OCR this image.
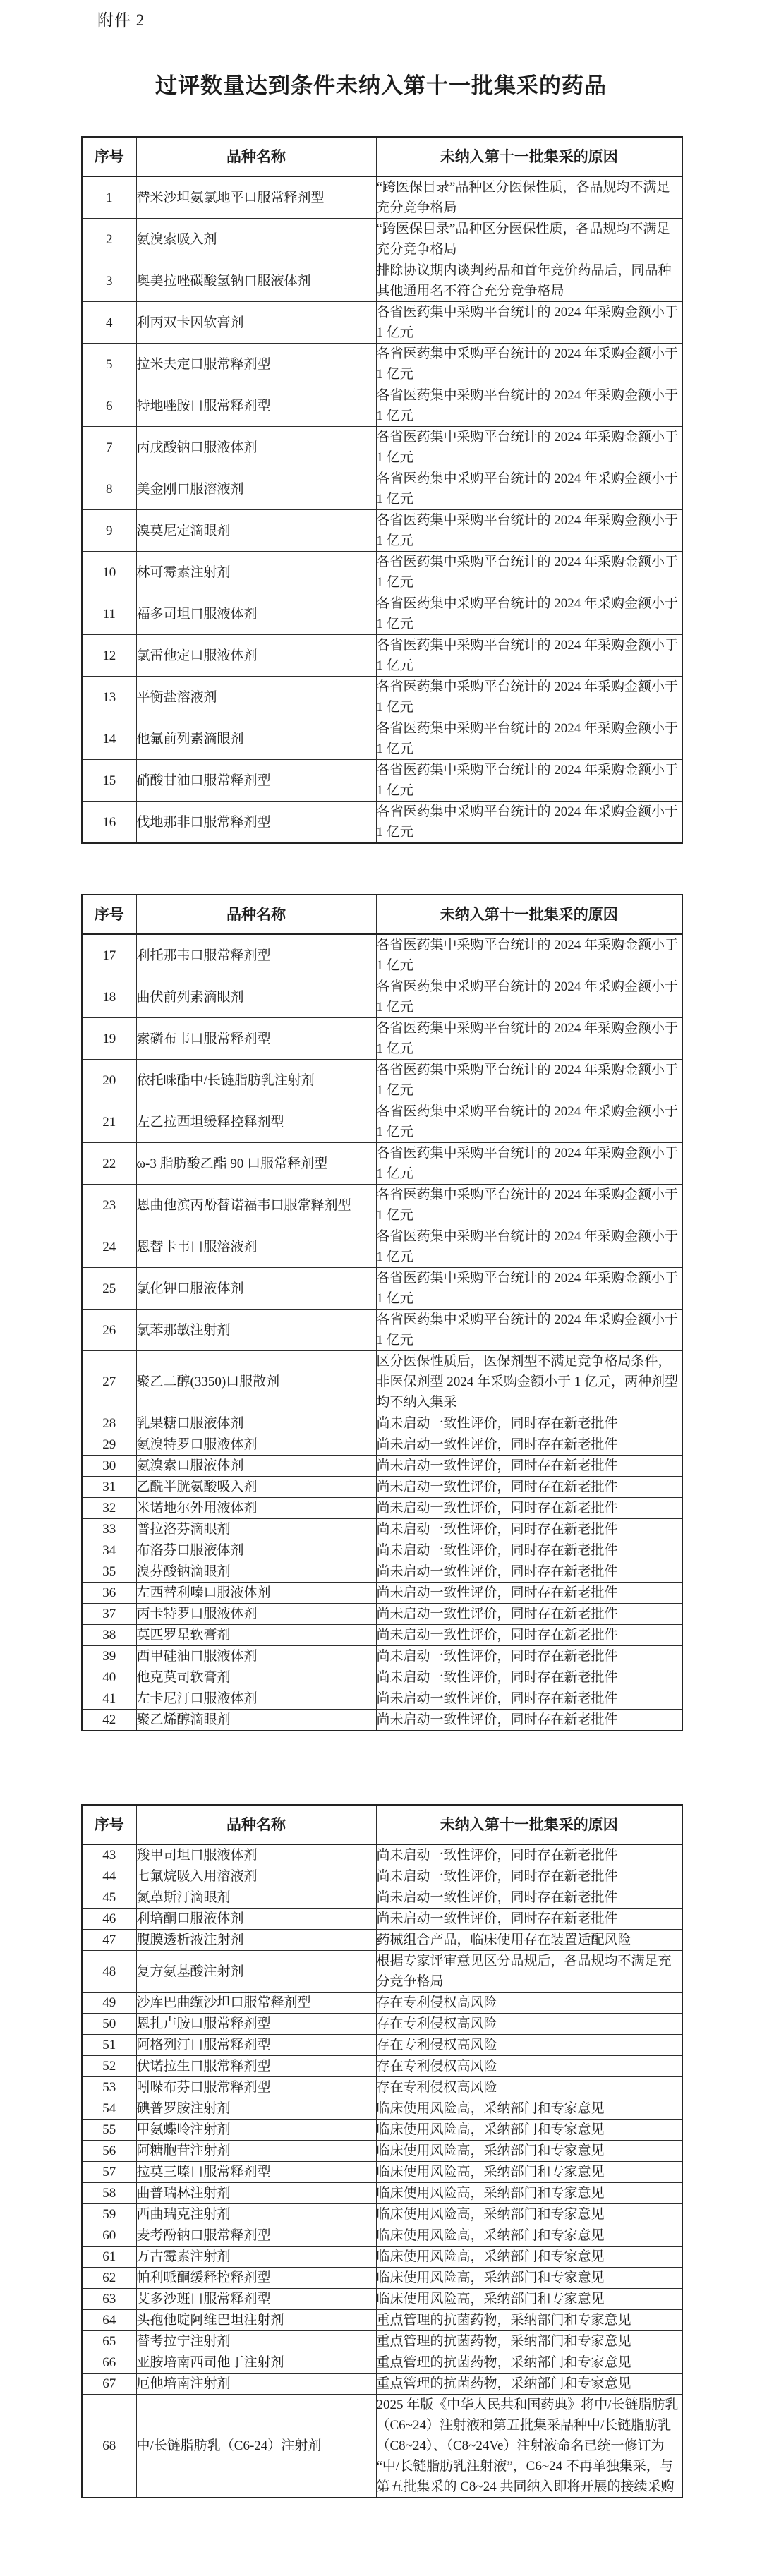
附件 2
过评数量达到条件未纳入第十一批集采的药品
序号	品种名称	未纳入第十一批集采的原因
1	替米沙坦氨氯地平口服常释剂型	“跨医保目录”品种区分医保性质，各品规均不满足充分竞争格局
2	氨溴索吸入剂	“跨医保目录”品种区分医保性质，各品规均不满足充分竞争格局
3	奥美拉唑碳酸氢钠口服液体剂	排除协议期内谈判药品和首年竞价药品后，同品种其他通用名不符合充分竞争格局
4	利丙双卡因软膏剂	各省医药集中采购平台统计的 2024 年采购金额小于 1 亿元
5	拉米夫定口服常释剂型	各省医药集中采购平台统计的 2024 年采购金额小于 1 亿元
6	特地唑胺口服常释剂型	各省医药集中采购平台统计的 2024 年采购金额小于 1 亿元
7	丙戊酸钠口服液体剂	各省医药集中采购平台统计的 2024 年采购金额小于 1 亿元
8	美金刚口服溶液剂	各省医药集中采购平台统计的 2024 年采购金额小于 1 亿元
9	溴莫尼定滴眼剂	各省医药集中采购平台统计的 2024 年采购金额小于 1 亿元
10	林可霉素注射剂	各省医药集中采购平台统计的 2024 年采购金额小于 1 亿元
11	福多司坦口服液体剂	各省医药集中采购平台统计的 2024 年采购金额小于 1 亿元
12	氯雷他定口服液体剂	各省医药集中采购平台统计的 2024 年采购金额小于 1 亿元
13	平衡盐溶液剂	各省医药集中采购平台统计的 2024 年采购金额小于 1 亿元
14	他氟前列素滴眼剂	各省医药集中采购平台统计的 2024 年采购金额小于 1 亿元
15	硝酸甘油口服常释剂型	各省医药集中采购平台统计的 2024 年采购金额小于 1 亿元
16	伐地那非口服常释剂型	各省医药集中采购平台统计的 2024 年采购金额小于 1 亿元
序号	品种名称	未纳入第十一批集采的原因
17	利托那韦口服常释剂型	各省医药集中采购平台统计的 2024 年采购金额小于 1 亿元
18	曲伏前列素滴眼剂	各省医药集中采购平台统计的 2024 年采购金额小于 1 亿元
19	索磷布韦口服常释剂型	各省医药集中采购平台统计的 2024 年采购金额小于 1 亿元
20	依托咪酯中/长链脂肪乳注射剂	各省医药集中采购平台统计的 2024 年采购金额小于 1 亿元
21	左乙拉西坦缓释控释剂型	各省医药集中采购平台统计的 2024 年采购金额小于 1 亿元
22	ω-3 脂肪酸乙酯 90 口服常释剂型	各省医药集中采购平台统计的 2024 年采购金额小于 1 亿元
23	恩曲他滨丙酚替诺福韦口服常释剂型	各省医药集中采购平台统计的 2024 年采购金额小于 1 亿元
24	恩替卡韦口服溶液剂	各省医药集中采购平台统计的 2024 年采购金额小于 1 亿元
25	氯化钾口服液体剂	各省医药集中采购平台统计的 2024 年采购金额小于 1 亿元
26	氯苯那敏注射剂	各省医药集中采购平台统计的 2024 年采购金额小于 1 亿元
27	聚乙二醇(3350)口服散剂	区分医保性质后，医保剂型不满足竞争格局条件，非医保剂型 2024 年采购金额小于 1 亿元，两种剂型均不纳入集采
28	乳果糖口服液体剂	尚未启动一致性评价，同时存在新老批件
29	氨溴特罗口服液体剂	尚未启动一致性评价，同时存在新老批件
30	氨溴索口服液体剂	尚未启动一致性评价，同时存在新老批件
31	乙酰半胱氨酸吸入剂	尚未启动一致性评价，同时存在新老批件
32	米诺地尔外用液体剂	尚未启动一致性评价，同时存在新老批件
33	普拉洛芬滴眼剂	尚未启动一致性评价，同时存在新老批件
34	布洛芬口服液体剂	尚未启动一致性评价，同时存在新老批件
35	溴芬酸钠滴眼剂	尚未启动一致性评价，同时存在新老批件
36	左西替利嗪口服液体剂	尚未启动一致性评价，同时存在新老批件
37	丙卡特罗口服液体剂	尚未启动一致性评价，同时存在新老批件
38	莫匹罗星软膏剂	尚未启动一致性评价，同时存在新老批件
39	西甲硅油口服液体剂	尚未启动一致性评价，同时存在新老批件
40	他克莫司软膏剂	尚未启动一致性评价，同时存在新老批件
41	左卡尼汀口服液体剂	尚未启动一致性评价，同时存在新老批件
42	聚乙烯醇滴眼剂	尚未启动一致性评价，同时存在新老批件
序号	品种名称	未纳入第十一批集采的原因
43	羧甲司坦口服液体剂	尚未启动一致性评价，同时存在新老批件
44	七氟烷吸入用溶液剂	尚未启动一致性评价，同时存在新老批件
45	氮䓬斯汀滴眼剂	尚未启动一致性评价，同时存在新老批件
46	利培酮口服液体剂	尚未启动一致性评价，同时存在新老批件
47	腹膜透析液注射剂	药械组合产品，临床使用存在装置适配风险
48	复方氨基酸注射剂	根据专家评审意见区分品规后，各品规均不满足充分竞争格局
49	沙库巴曲缬沙坦口服常释剂型	存在专利侵权高风险
50	恩扎卢胺口服常释剂型	存在专利侵权高风险
51	阿格列汀口服常释剂型	存在专利侵权高风险
52	伏诺拉生口服常释剂型	存在专利侵权高风险
53	吲哚布芬口服常释剂型	存在专利侵权高风险
54	碘普罗胺注射剂	临床使用风险高，采纳部门和专家意见
55	甲氨蝶呤注射剂	临床使用风险高，采纳部门和专家意见
56	阿糖胞苷注射剂	临床使用风险高，采纳部门和专家意见
57	拉莫三嗪口服常释剂型	临床使用风险高，采纳部门和专家意见
58	曲普瑞林注射剂	临床使用风险高，采纳部门和专家意见
59	西曲瑞克注射剂	临床使用风险高，采纳部门和专家意见
60	麦考酚钠口服常释剂型	临床使用风险高，采纳部门和专家意见
61	万古霉素注射剂	临床使用风险高，采纳部门和专家意见
62	帕利哌酮缓释控释剂型	临床使用风险高，采纳部门和专家意见
63	艾多沙班口服常释剂型	临床使用风险高，采纳部门和专家意见
64	头孢他啶阿维巴坦注射剂	重点管理的抗菌药物，采纳部门和专家意见
65	替考拉宁注射剂	重点管理的抗菌药物，采纳部门和专家意见
66	亚胺培南西司他丁注射剂	重点管理的抗菌药物，采纳部门和专家意见
67	厄他培南注射剂	重点管理的抗菌药物，采纳部门和专家意见
68	中/长链脂肪乳（C6-24）注射剂	2025 年版《中华人民共和国药典》将中/长链脂肪乳（C6~24）注射液和第五批集采品种中/长链脂肪乳（C8~24）、（C8~24Ve）注射液命名已统一修订为“中/长链脂肪乳注射液”，C6~24 不再单独集采，与第五批集采的 C8~24 共同纳入即将开展的接续采购
